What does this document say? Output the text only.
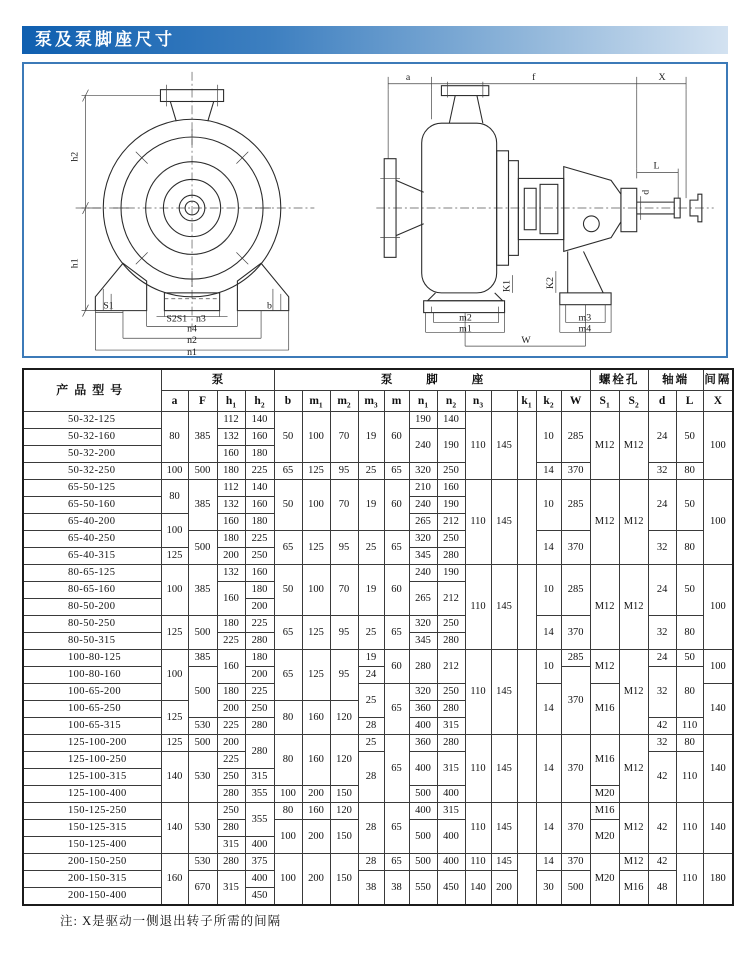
泵及泵脚座尺寸
h2
h1
S1
S2S1 n3
n4
n2
n1
b
a	f	X
L
d
K1	K2
m2
m1
m3
m4
W
产品型号	泵				泵脚座												螺栓孔		轴端		间隔
	a	F	$h_1$	$h_2$	b	$m_1$	$m_2$	$m_3$	m	$n_1$	$n_2$	$n_3$		$k_1$	$k_2$	W	$S_1$	$S_2$	d	L	X
50-32-125	80	385	112	140	50	100	70	19	60	190	140	110	145		10	285	M12	M12	24	50	100
50-32-160			132	160						240	190										
50-32-200			160	180																	
50-32-250	100	500	180	225	65	125	95	25	65	320	250				14	370			32	80	
65-50-125	80	385	112	140	50	100	70	19	60	210	160	110	145		10	285	M12	M12	24	50	100
65-50-160			132	160						240	190										
65-40-200	100		160	180						265	212										
65-40-250		500	180	225	65	125	95	25	65	320	250				14	370			32	80	
65-40-315	125		200	250						345	280										
80-65-125	100	385	132	160	50	100	70	19	60	240	190	110	145		10	285	M12	M12	24	50	100
80-65-160			160	180						265	212										
80-50-200				200																	
80-50-250	125	500	180	225	65	125	95	25	65	320	250				14	370			32	80	
80-50-315			225	280						345	280										
100-80-125	100	385	160	180	65	125	95	19	60	280	212	110	145		10	285	M12	M12	24	50	100
100-80-160		500		200				24								370			32	80	
100-65-200			180	225				25	65	320	250				14		M16				140
100-65-250	125		200	250	80	160	120			360	280										
100-65-315		530	225	280				28		400	315								42	110	
125-100-200	125	500	200	280	80	160	120	25	65	360	280	110	145		14	370	M16	M12	32	80	140
125-100-250	140	530	225					28		400	315								42	110	
125-100-315			250	315																	
125-100-400			280	355	100	200	150			500	400						M20				
150-125-250	140	530	250	355	80	160	120	28	65	400	315	110	145		14	370	M16	M12	42	110	140
150-125-315			280		100	200	150			500	400						M20				
150-125-400			315	400																	
200-150-250	160	530	280	375	100	200	150	28	65	500	400	110	145		14	370	M20	M12	42	110	180
200-150-315		670	315	400				38	38	550	450	140	200		30	500		M16	48		
200-150-400				450																	
注: X是驱动一侧退出转子所需的间隔
